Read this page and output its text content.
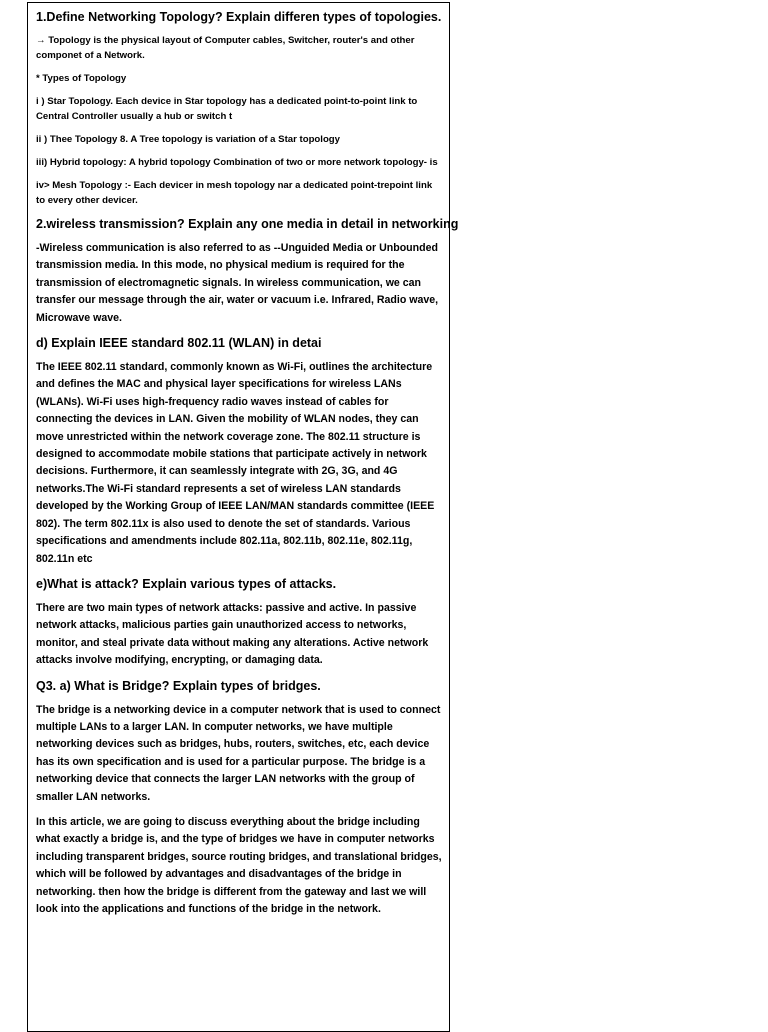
1.Define Networking Topology? Explain differen types of topologies.
→ Topology is the physical layout of Computer cables, Switcher, router's and other componet of a Network.
* Types of Topology
i ) Star Topology. Each device in Star topology has a dedicated point-to-point link to Central Controller usually a hub or switch t
ii ) Thee Topology 8. A Tree topology is variation of a Star topology
iii) Hybrid topology: A hybrid topology Combination of two or more network topology- is
iv> Mesh Topology :- Each devicer in mesh topology nar a dedicated point-trepoint link to every other devicer.
2.wireless transmission? Explain any one media in detail in networking
-Wireless communication is also referred to as --Unguided Media or Unbounded transmission media. In this mode, no physical medium is required for the transmission of electromagnetic signals. In wireless communication, we can transfer our message through the air, water or vacuum i.e. Infrared, Radio wave, Microwave wave.
d) Explain IEEE standard 802.11 (WLAN) in detai
The IEEE 802.11 standard, commonly known as Wi-Fi, outlines the architecture and defines the MAC and physical layer specifications for wireless LANs (WLANs). Wi-Fi uses high-frequency radio waves instead of cables for connecting the devices in LAN. Given the mobility of WLAN nodes, they can move unrestricted within the network coverage zone. The 802.11 structure is designed to accommodate mobile stations that participate actively in network decisions. Furthermore, it can seamlessly integrate with 2G, 3G, and 4G networks.The Wi-Fi standard represents a set of wireless LAN standards developed by the Working Group of IEEE LAN/MAN standards committee (IEEE 802). The term 802.11x is also used to denote the set of standards. Various specifications and amendments include 802.11a, 802.11b, 802.11e, 802.11g, 802.11n etc
e)What is attack? Explain various types of attacks.
There are two main types of network attacks: passive and active. In passive network attacks, malicious parties gain unauthorized access to networks, monitor, and steal private data without making any alterations. Active network attacks involve modifying, encrypting, or damaging data.
Q3. a) What is Bridge? Explain types of bridges.
The bridge is a networking device in a computer network that is used to connect multiple LANs to a larger LAN. In computer networks, we have multiple networking devices such as bridges, hubs, routers, switches, etc, each device has its own specification and is used for a particular purpose. The bridge is a networking device that connects the larger LAN networks with the group of smaller LAN networks.
In this article, we are going to discuss everything about the bridge including what exactly a bridge is, and the type of bridges we have in computer networks including transparent bridges, source routing bridges, and translational bridges, which will be followed by advantages and disadvantages of the bridge in networking. then how the bridge is different from the gateway and last we will look into the applications and functions of the bridge in the network.
